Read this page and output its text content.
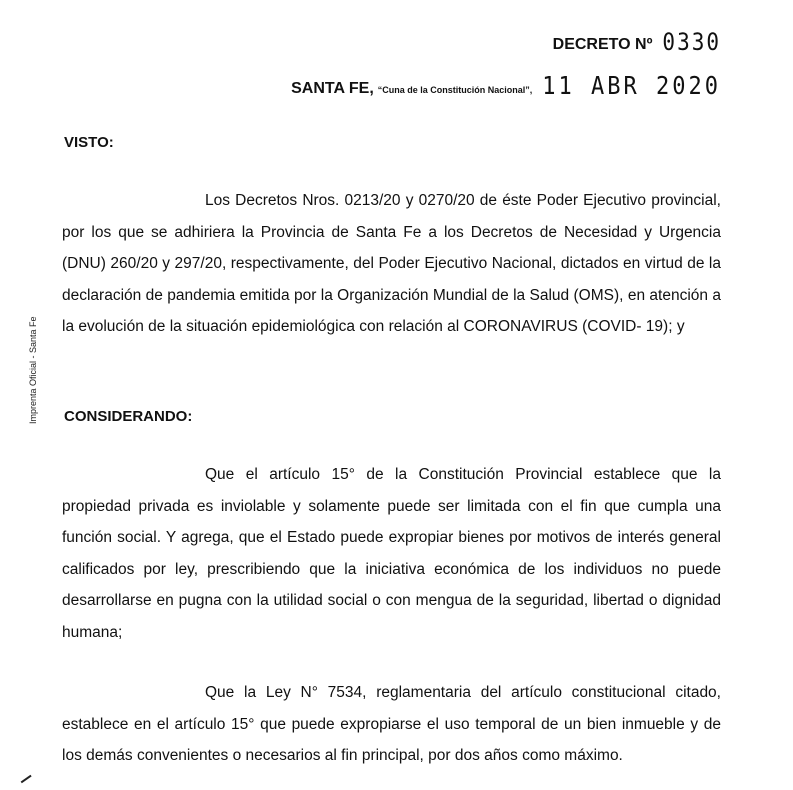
DECRETO Nº 0330
SANTA FE, “Cuna de la Constitución Nacional”, 11 ABR 2020
VISTO:

Los Decretos Nros. 0213/20 y 0270/20 de éste Poder Ejecutivo provincial, por los que se adhiriera la Provincia de Santa Fe a los Decretos de Necesidad y Urgencia (DNU) 260/20 y 297/20, respectivamente, del Poder Ejecutivo Nacional, dictados en virtud de la declaración de pandemia emitida por la Organización Mundial de la Salud (OMS), en atención a la evolución de la situación epidemiológica con relación al CORONAVIRUS (COVID- 19); y

CONSIDERANDO:

Que el artículo 15° de la Constitución Provincial establece que la propiedad privada es inviolable y solamente puede ser limitada con el fin que cumpla una función social. Y agrega, que el Estado puede expropiar bienes por motivos de interés general calificados por ley, prescribiendo que la iniciativa económica de los individuos no puede desarrollarse en pugna con la utilidad social o con mengua de la seguridad, libertad o dignidad humana;

Que la Ley N° 7534, reglamentaria del artículo constitucional citado, establece en el artículo 15° que puede expropiarse el uso temporal de un bien inmueble y de los demás convenientes o necesarios al fin principal, por dos años como máximo.

Imprenta Oficial - Santa Fe
